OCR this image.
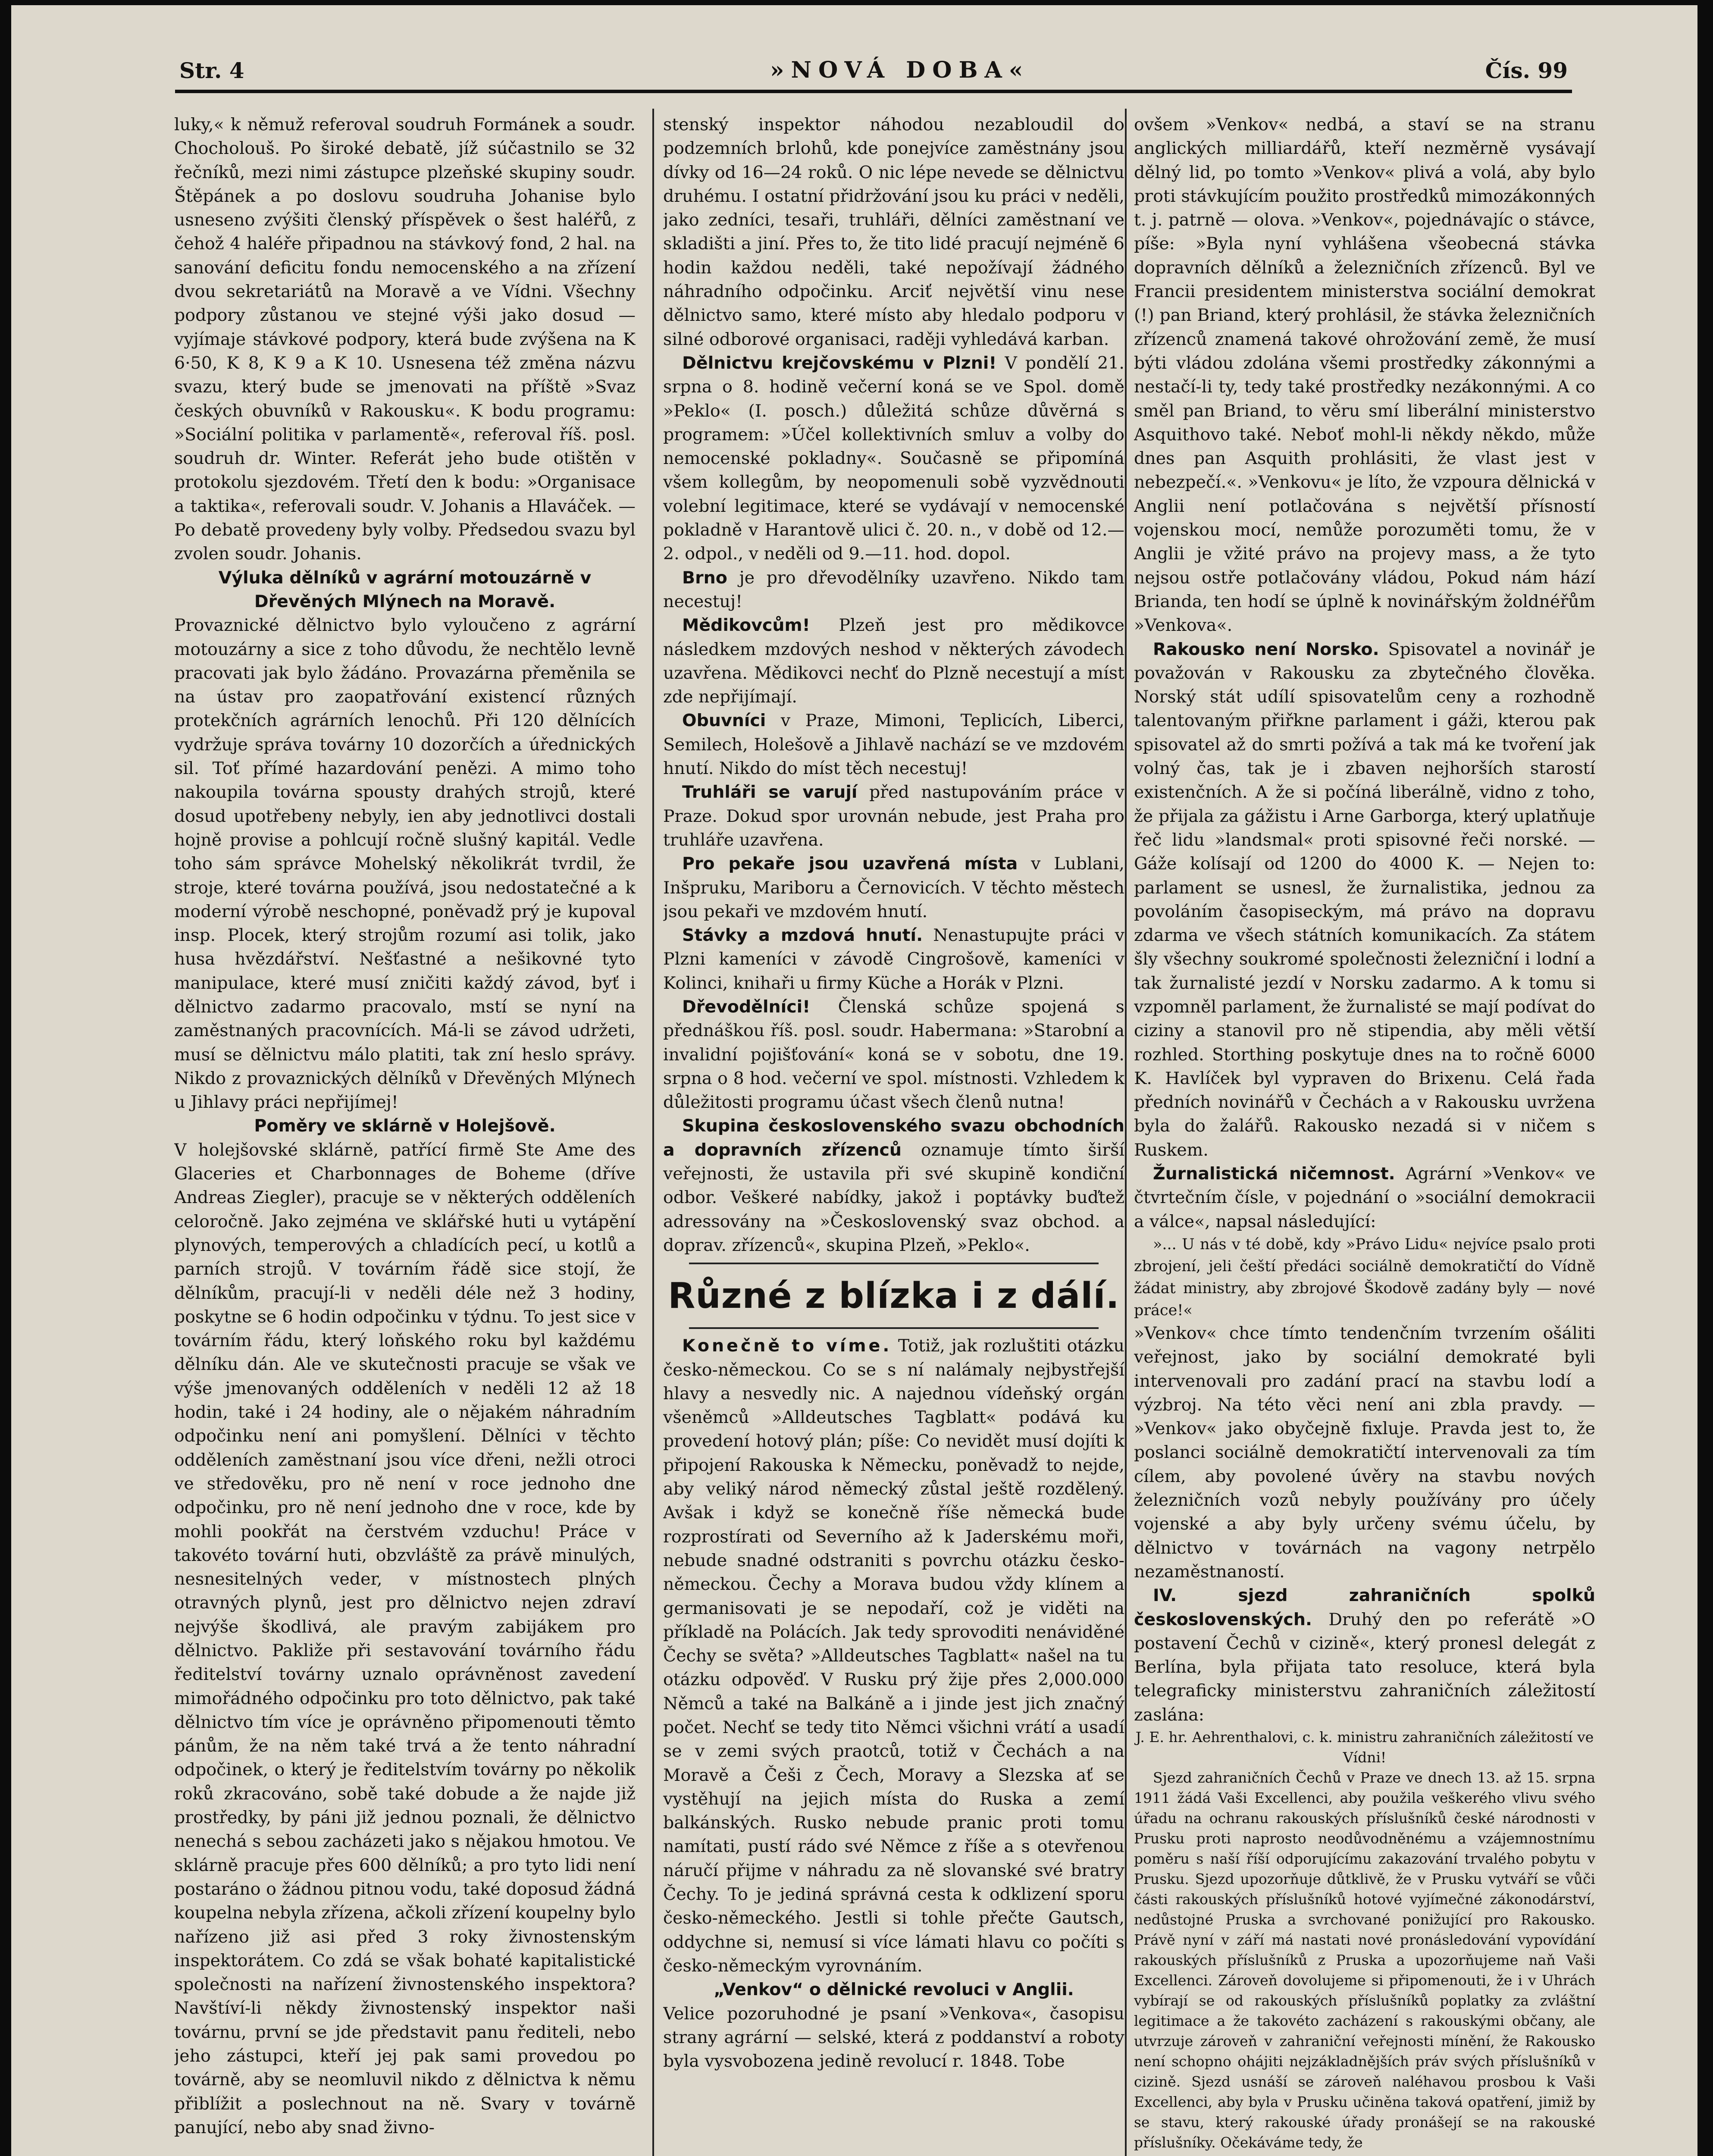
Str. 4	»NOVÁ DOBA«	Čís. 99

luky,« k němuž referoval soudruh Formánek a soudr. Chocholouš. Po široké debatě, jíž súčastnilo se 32 řečníků, mezi nimi zástupce plzeňské skupiny soudr. Štěpánek a po doslovu soudruha Johanise bylo usneseno zvýšiti členský příspěvek o šest haléřů, z čehož 4 haléře připadnou na stávkový fond, 2 hal. na sanování deficitu fondu nemocenského a na zřízení dvou sekretariátů na Moravě a ve Vídni. Všechny podpory zůstanou ve stejné výši jako dosud — vyjímaje stávkové podpory, která bude zvýšena na K 6·50, K 8, K 9 a K 10. Usnesena též změna názvu svazu, který bude se jmenovati na příště »Svaz českých obuvníků v Rakousku«. K bodu programu: »Sociální politika v parlamentě«, referoval říš. posl. soudruh dr. Winter. Referát jeho bude otištěn v protokolu sjezdovém. Třetí den k bodu: »Organisace a taktika«, referovali soudr. V. Johanis a Hlaváček. — Po debatě provedeny byly volby. Předsedou svazu byl zvolen soudr. Johanis.

Výluka dělníků v agrární motouzárně v Dřevěných Mlýnech na Moravě.

Provaznické dělnictvo bylo vyloučeno z agrární motouzárny a sice z toho důvodu, že nechtělo levně pracovati jak bylo žádáno. Provazárna přeměnila se na ústav pro zaopatřování existencí různých protekčních agrárních lenochů. Při 120 dělnících vydržuje správa továrny 10 dozorčích a úřednických sil. Toť přímé hazardování penězi. A mimo toho nakoupila továrna spousty drahých strojů, které dosud upotřebeny nebyly, ien aby jednotlivci dostali hojně provise a pohlcují ročně slušný kapitál. Vedle toho sám správce Mohelský několikrát tvrdil, že stroje, které továrna používá, jsou nedostatečné a k moderní výrobě neschopné, poněvadž prý je kupoval insp. Plocek, který strojům rozumí asi tolik, jako husa hvězdářství. Nešťastné a nešikovné tyto manipulace, které musí zničiti každý závod, byť i dělnictvo zadarmo pracovalo, mstí se nyní na zaměstnaných pracovnících. Má-li se závod udržeti, musí se dělnictvu málo platiti, tak zní heslo správy. Nikdo z provaznických dělníků v Dřevěných Mlýnech u Jihlavy práci nepřijímej!

Poměry ve sklárně v Holejšově.

V holejšovské sklárně, patřící firmě Ste Ame des Glaceries et Charbonnages de Boheme (dříve Andreas Ziegler), pracuje se v některých odděleních celoročně. Jako zejména ve sklářské huti u vytápění plynových, temperových a chladících pecí, u kotlů a parních strojů. V továrním řádě sice stojí, že dělníkům, pracují-li v neděli déle než 3 hodiny, poskytne se 6 hodin odpočinku v týdnu. To jest sice v továrním řádu, který loňského roku byl každému dělníku dán. Ale ve skutečnosti pracuje se však ve výše jmenovaných odděleních v neděli 12 až 18 hodin, také i 24 hodiny, ale o nějakém náhradním odpočinku není ani pomyšlení. Dělníci v těchto odděleních zaměstnaní jsou více dřeni, nežli otroci ve středověku, pro ně není v roce jednoho dne odpočinku, pro ně není jednoho dne v roce, kde by mohli pookřát na čerstvém vzduchu! Práce v takovéto tovární huti, obzvláště za právě minulých, nesnesitelných veder, v místnostech plných otravných plynů, jest pro dělnictvo nejen zdraví nejvýše škodlivá, ale pravým zabijákem pro dělnictvo. Pakliže při sestavování továrního řádu ředitelství továrny uznalo oprávněnost zavedení mimořádného odpočinku pro toto dělnictvo, pak také dělnictvo tím více je oprávněno připomenouti těmto pánům, že na něm také trvá a že tento náhradní odpočinek, o který je ředitelstvím továrny po několik roků zkracováno, sobě také dobude a že najde již prostředky, by páni již jednou poznali, že dělnictvo nenechá s sebou zacházeti jako s nějakou hmotou. Ve sklárně pracuje přes 600 dělníků; a pro tyto lidi není postaráno o žádnou pitnou vodu, také doposud žádná koupelna nebyla zřízena, ačkoli zřízení koupelny bylo nařízeno již asi před 3 roky živnostenským inspektorátem. Co zdá se však bohaté kapitalistické společnosti na nařízení živnostenského inspektora? Navštíví-li někdy živnostenský inspektor naši továrnu, první se jde představit panu řediteli, nebo jeho zástupci, kteří jej pak sami provedou po továrně, aby se neomluvil nikdo z dělnictva k němu přiblížit a poslechnout na ně. Svary v továrně panující, nebo aby snad živno-

stenský inspektor náhodou nezabloudil do podzemních brlohů, kde ponejvíce zaměstnány jsou dívky od 16—24 roků. O nic lépe nevede se dělnictvu druhému. I ostatní přidržování jsou ku práci v neděli, jako zedníci, tesaři, truhláři, dělníci zaměstnaní ve skladišti a jiní. Přes to, že tito lidé pracují nejméně 6 hodin každou neděli, také nepožívají žádného náhradního odpočinku. Arciť největší vinu nese dělnictvo samo, které místo aby hledalo podporu v silné odborové organisaci, raději vyhledává karban.

Dělnictvu krejčovskému v Plzni! V pondělí 21. srpna o 8. hodině večerní koná se ve Spol. domě »Peklo« (I. posch.) důležitá schůze důvěrná s programem: »Účel kollektivních smluv a volby do nemocenské pokladny«. Současně se připomíná všem kollegům, by neopomenuli sobě vyzvědnouti volební legitimace, které se vydávají v nemocenské pokladně v Harantově ulici č. 20. n., v době od 12.—2. odpol., v neděli od 9.—11. hod. dopol.

Brno je pro dřevodělníky uzavřeno. Nikdo tam necestuj!

Mědikovcům! Plzeň jest pro mědikovce následkem mzdových neshod v některých závodech uzavřena. Mědikovci nechť do Plzně necestují a míst zde nepřijímají.

Obuvníci v Praze, Mimoni, Teplicích, Liberci, Semilech, Holešově a Jihlavě nachází se ve mzdovém hnutí. Nikdo do míst těch necestuj!

Truhláři se varují před nastupováním práce v Praze. Dokud spor urovnán nebude, jest Praha pro truhláře uzavřena.

Pro pekaře jsou uzavřená místa v Lublani, Inšpruku, Mariboru a Černovicích. V těchto městech jsou pekaři ve mzdovém hnutí.

Stávky a mzdová hnutí. Nenastupujte práci v Plzni kameníci v závodě Cingrošově, kameníci v Kolinci, knihaři u firmy Küche a Horák v Plzni.

Dřevodělníci! Členská schůze spojená s přednáškou říš. posl. soudr. Habermana: »Starobní a invalidní pojišťování« koná se v sobotu, dne 19. srpna o 8 hod. večerní ve spol. místnosti. Vzhledem k důležitosti programu účast všech členů nutna!

Skupina československého svazu obchodních a dopravních zřízenců oznamuje tímto širší veřejnosti, že ustavila při své skupině kondiční odbor. Veškeré nabídky, jakož i poptávky buďtež adressovány na »Československý svaz obchod. a doprav. zřízenců«, skupina Plzeň, »Peklo«.

Různé z blízka i z dálí.

Konečně to víme. Totiž, jak rozluštiti otázku česko-německou. Co se s ní nalámaly nejbystřejší hlavy a nesvedly nic. A najednou vídeňský orgán všeněmců »Alldeutsches Tagblatt« podává ku provedení hotový plán; píše: Co nevidět musí dojíti k připojení Rakouska k Německu, poněvadž to nejde, aby veliký národ německý zůstal ještě rozdělený. Avšak i když se konečně říše německá bude rozprostírati od Severního až k Jaderskému moři, nebude snadné odstraniti s povrchu otázku česko-německou. Čechy a Morava budou vždy klínem a germanisovati je se nepodaří, což je viděti na příkladě na Polácích. Jak tedy sprovoditi nenáviděné Čechy se světa? »Alldeutsches Tagblatt« našel na tu otázku odpověď. V Rusku prý žije přes 2,000.000 Němců a také na Balkáně a i jinde jest jich značný počet. Nechť se tedy tito Němci všichni vrátí a usadí se v zemi svých praotců, totiž v Čechách a na Moravě a Češi z Čech, Moravy a Slezska ať se vystěhují na jejich místa do Ruska a zemí balkánských. Rusko nebude pranic proti tomu namítati, pustí rádo své Němce z říše a s otevřenou náručí přijme v náhradu za ně slovanské své bratry Čechy. To je jediná správná cesta k odklizení sporu česko-německého. Jestli si tohle přečte Gautsch, oddychne si, nemusí si více lámati hlavu co počíti s česko-německým vyrovnáním.

„Venkov“ o dělnické revoluci v Anglii.

Velice pozoruhodné je psaní »Venkova«, časopisu strany agrární — selské, která z poddanství a roboty byla vysvobozena jedině revolucí r. 1848. Tobe

ovšem »Venkov« nedbá, a staví se na stranu anglických milliardářů, kteří nezměrně vysávají dělný lid, po tomto »Venkov« plivá a volá, aby bylo proti stávkujícím použito prostředků mimozákonných t. j. patrně — olova. »Venkov«, pojednávajíc o stávce, píše: »Byla nyní vyhlášena všeobecná stávka dopravních dělníků a železničních zřízenců. Byl ve Francii presidentem ministerstva sociální demokrat (!) pan Briand, který prohlásil, že stávka železničních zřízenců znamená takové ohrožování země, že musí býti vládou zdolána všemi prostředky zákonnými a nestačí-li ty, tedy také prostředky nezákonnými. A co směl pan Briand, to věru smí liberální ministerstvo Asquithovo také. Neboť mohl-li někdy někdo, může dnes pan Asquith prohlásiti, že vlast jest v nebezpečí.«. »Venkovu« je líto, že vzpoura dělnická v Anglii není potlačována s největší přísností vojenskou mocí, nemůže porozuměti tomu, že v Anglii je vžité právo na projevy mass, a že tyto nejsou ostře potlačovány vládou, Pokud nám hází Brianda, ten hodí se úplně k novinářským žoldnéřům »Venkova«.

Rakousko není Norsko. Spisovatel a novinář je považován v Rakousku za zbytečného člověka. Norský stát udílí spisovatelům ceny a rozhodně talentovaným přiřkne parlament i gáži, kterou pak spisovatel až do smrti požívá a tak má ke tvoření jak volný čas, tak je i zbaven nejhorších starostí existenčních. A že si počíná liberálně, vidno z toho, že přijala za gážistu i Arne Garborga, který uplatňuje řeč lidu »landsmal« proti spisovné řeči norské. — Gáže kolísají od 1200 do 4000 K. — Nejen to: parlament se usnesl, že žurnalistika, jednou za povoláním časopiseckým, má právo na dopravu zdarma ve všech státních komunikacích. Za státem šly všechny soukromé společnosti železniční i lodní a tak žurnalisté jezdí v Norsku zadarmo. A k tomu si vzpomněl parlament, že žurnalisté se mají podívat do ciziny a stanovil pro ně stipendia, aby měli větší rozhled. Storthing poskytuje dnes na to ročně 6000 K. Havlíček byl vypraven do Brixenu. Celá řada předních novinářů v Čechách a v Rakousku uvržena byla do žalářů. Rakousko nezadá si v ničem s Ruskem.

Žurnalistická ničemnost. Agrární »Venkov« ve čtvrtečním čísle, v pojednání o »sociální demokracii a válce«, napsal následující:

»... U nás v té době, kdy »Právo Lidu« nejvíce psalo proti zbrojení, jeli čeští předáci sociálně demokratičtí do Vídně žádat ministry, aby zbrojové Škodově zadány byly — nové práce!«

»Venkov« chce tímto tendenčním tvrzením ošáliti veřejnost, jako by sociální demokraté byli intervenovali pro zadání prací na stavbu lodí a výzbroj. Na této věci není ani zbla pravdy. — »Venkov« jako obyčejně fixluje. Pravda jest to, že poslanci sociálně demokratičtí intervenovali za tím cílem, aby povolené úvěry na stavbu nových železničních vozů nebyly používány pro účely vojenské a aby byly určeny svému účelu, by dělnictvo v továrnách na vagony netrpělo nezaměstnaností.

IV. sjezd zahraničních spolků československých. Druhý den po referátě »O postavení Čechů v cizině«, který pronesl delegát z Berlína, byla přijata tato resoluce, která byla telegraficky ministerstvu zahraničních záležitostí zaslána:

J. E. hr. Aehrenthalovi, c. k. ministru zahraničních záležitostí ve Vídni!

Sjezd zahraničních Čechů v Praze ve dnech 13. až 15. srpna 1911 žádá Vaši Excellenci, aby použila veškerého vlivu svého úřadu na ochranu rakouských příslušníků české národnosti v Prusku proti naprosto neodůvodněnému a vzájemnostnímu poměru s naší říší odporujícímu zakazování trvalého pobytu v Prusku. Sjezd upozorňuje důtklivě, že v Prusku vytváří se vůči části rakouských příslušníků hotové vyjímečné zákonodárství, nedůstojné Pruska a svrchované ponižující pro Rakousko. Právě nyní v září má nastati nové pronásledování vypovídání rakouských příslušníků z Pruska a upozorňujeme naň Vaši Excellenci. Zároveň dovolujeme si připomenouti, že i v Uhrách vybírají se od rakouských příslušníků poplatky za zvláštní legitimace a že takovéto zacházení s rakouskými občany, ale utvrzuje zároveň v zahraniční veřejnosti mínění, že Rakousko není schopno ohájiti nejzákladnějších práv svých příslušníků v cizině. Sjezd usnáší se zároveň naléhavou prosbou k Vaši Excellenci, aby byla v Prusku učiněna taková opatření, jimiž by se stavu, který rakouské úřady pronášejí se na rakouské příslušníky. Očekáváme tedy, že
